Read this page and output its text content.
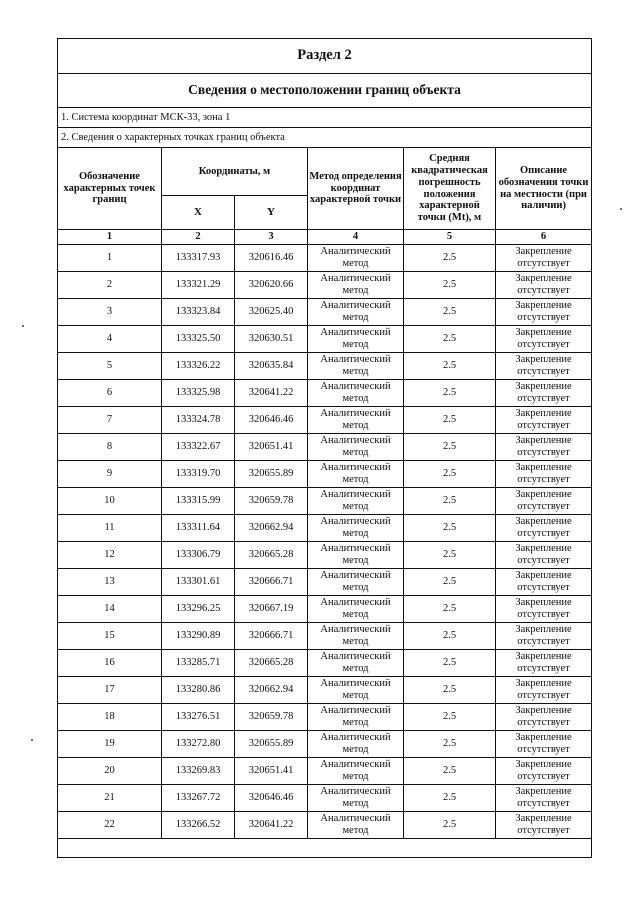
Раздел 2					
Сведения о местоположении границ объекта					
1. Система координат МСК-33, зона 1					
2. Сведения о характерных точках границ объекта					
Обозначение характерных точек границ	Координаты, м		Метод определения координат характерной точки	Средняя квадратическая погрешность положения характерной точки (Mt), м	Описание обозначения точки на местности (при наличии)
	X	Y			
1	2	3	4	5	6
1	133317.93	320616.46	Аналитический метод	2.5	Закрепление отсутствует
2	133321.29	320620.66	Аналитический метод	2.5	Закрепление отсутствует
3	133323.84	320625.40	Аналитический метод	2.5	Закрепление отсутствует
4	133325.50	320630.51	Аналитический метод	2.5	Закрепление отсутствует
5	133326.22	320635.84	Аналитический метод	2.5	Закрепление отсутствует
6	133325.98	320641.22	Аналитический метод	2.5	Закрепление отсутствует
7	133324.78	320646.46	Аналитический метод	2.5	Закрепление отсутствует
8	133322.67	320651.41	Аналитический метод	2.5	Закрепление отсутствует
9	133319.70	320655.89	Аналитический метод	2.5	Закрепление отсутствует
10	133315.99	320659.78	Аналитический метод	2.5	Закрепление отсутствует
11	133311.64	320662.94	Аналитический метод	2.5	Закрепление отсутствует
12	133306.79	320665.28	Аналитический метод	2.5	Закрепление отсутствует
13	133301.61	320666.71	Аналитический метод	2.5	Закрепление отсутствует
14	133296.25	320667.19	Аналитический метод	2.5	Закрепление отсутствует
15	133290.89	320666.71	Аналитический метод	2.5	Закрепление отсутствует
16	133285.71	320665.28	Аналитический метод	2.5	Закрепление отсутствует
17	133280.86	320662.94	Аналитический метод	2.5	Закрепление отсутствует
18	133276.51	320659.78	Аналитический метод	2.5	Закрепление отсутствует
19	133272.80	320655.89	Аналитический метод	2.5	Закрепление отсутствует
20	133269.83	320651.41	Аналитический метод	2.5	Закрепление отсутствует
21	133267.72	320646.46	Аналитический метод	2.5	Закрепление отсутствует
22	133266.52	320641.22	Аналитический метод	2.5	Закрепление отсутствует
